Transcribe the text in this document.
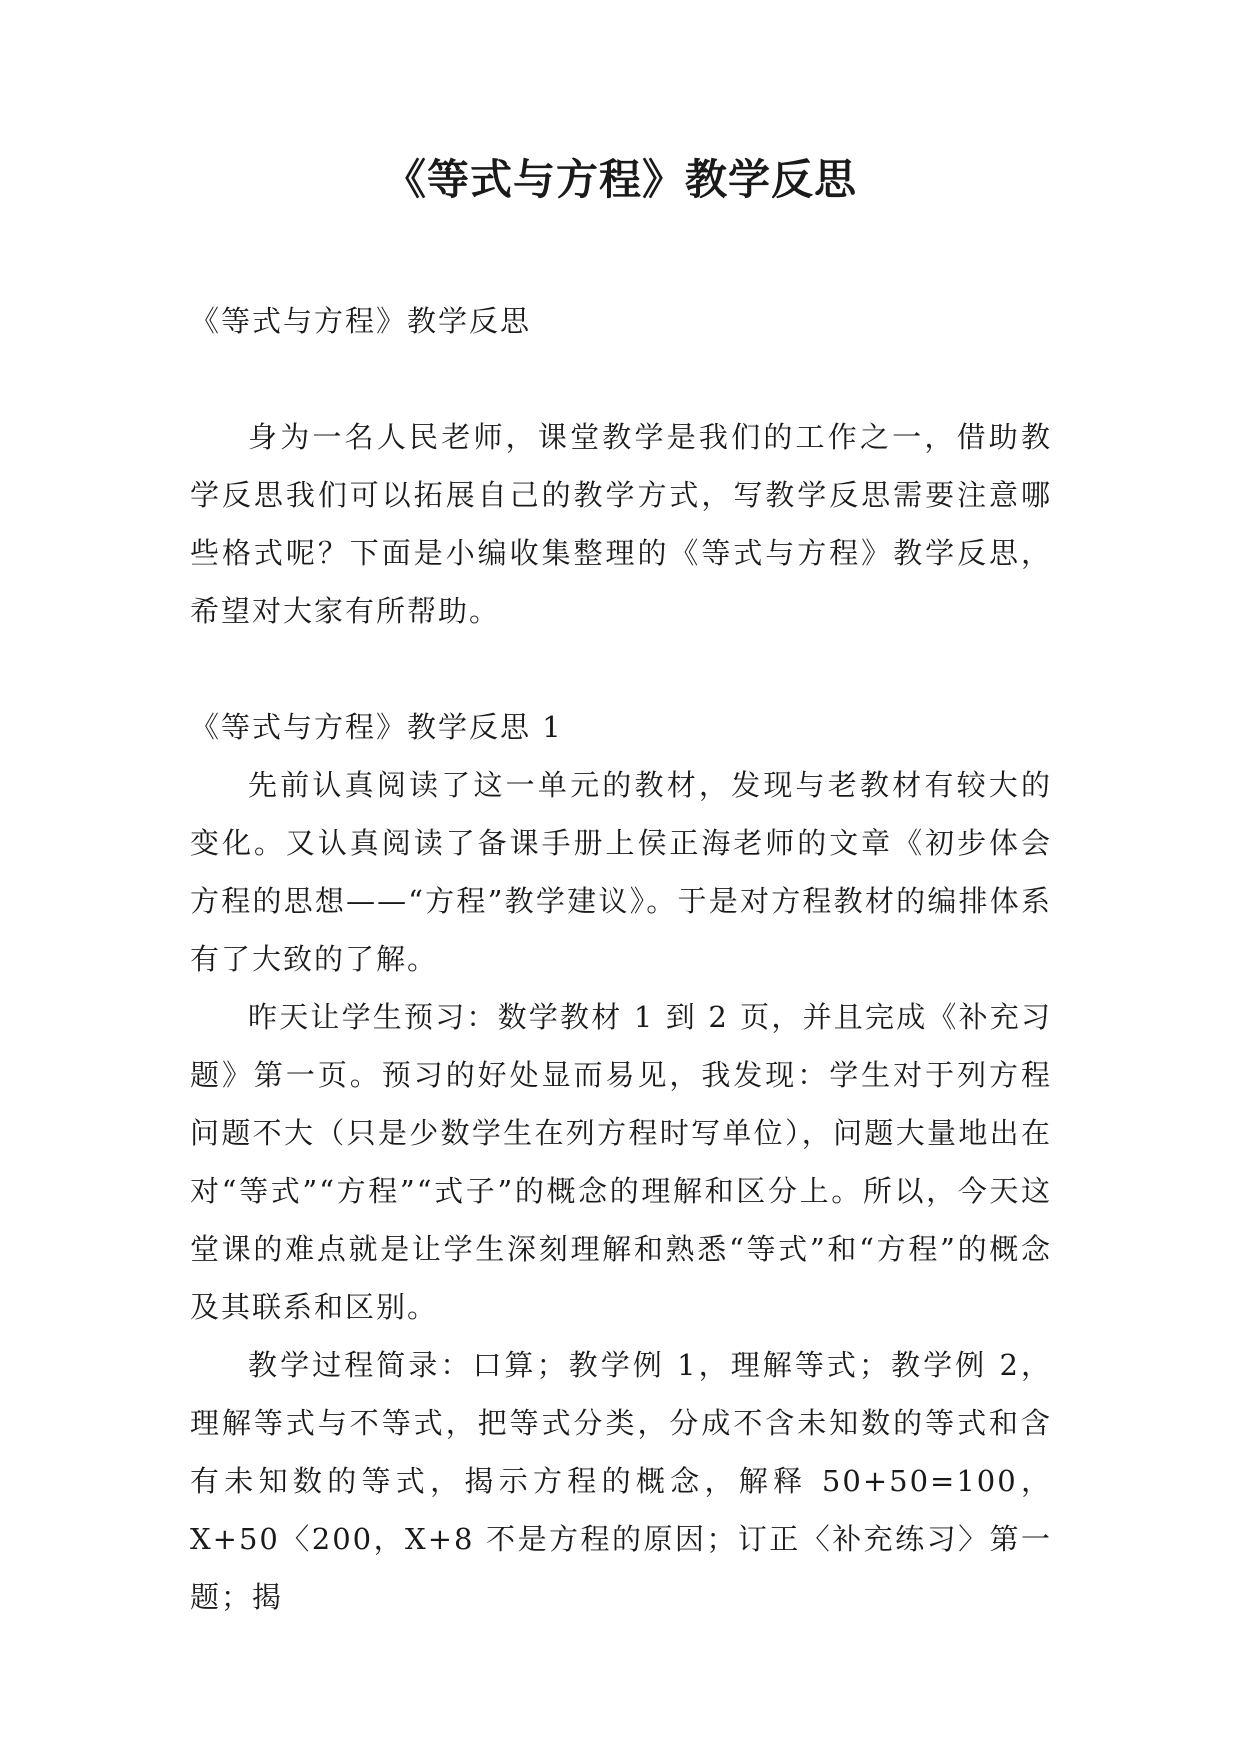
《等式与方程》教学反思

《等式与方程》教学反思

身为一名人民老师，课堂教学是我们的工作之一，借助教学反思我们可以拓展自己的教学方式，写教学反思需要注意哪些格式呢？下面是小编收集整理的《等式与方程》教学反思，希望对大家有所帮助。

《等式与方程》教学反思 1

先前认真阅读了这一单元的教材，发现与老教材有较大的变化。又认真阅读了备课手册上侯正海老师的文章《初步体会方程的思想——“方程”教学建议》。于是对方程教材的编排体系有了大致的了解。

昨天让学生预习：数学教材 1 到 2 页，并且完成《补充习题》第一页。预习的好处显而易见，我发现：学生对于列方程问题不大（只是少数学生在列方程时写单位），问题大量地出在对“等式”“方程”“式子”的概念的理解和区分上。所以，今天这堂课的难点就是让学生深刻理解和熟悉“等式”和“方程”的概念及其联系和区别。

教学过程简录：口算；教学例 1，理解等式；教学例 2，理解等式与不等式，把等式分类，分成不含未知数的等式和含有未知数的等式，揭示方程的概念，解释 50+50=100，X+50〈200，X+8 不是方程的原因；订正〈补充练习〉第一题；揭
